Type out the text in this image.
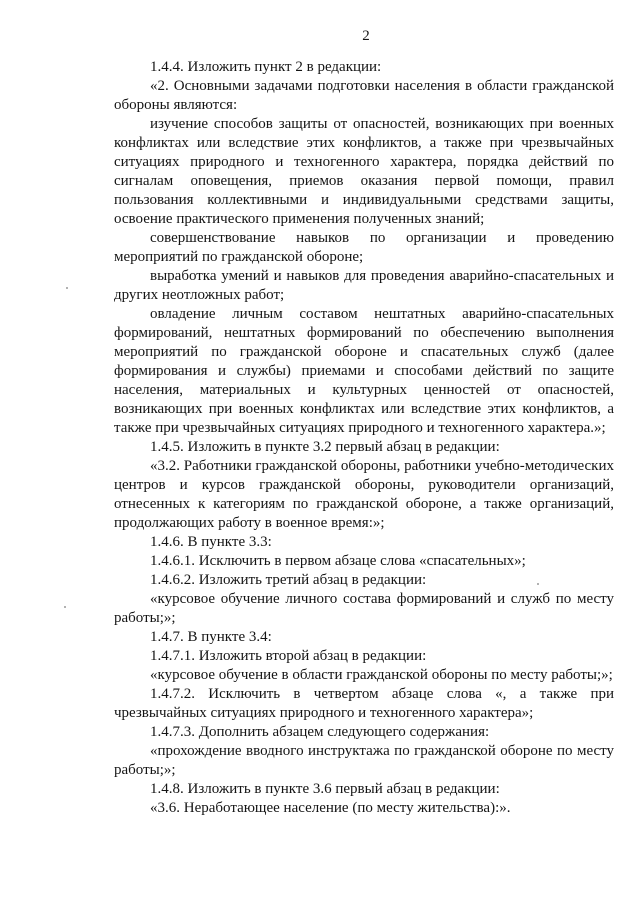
2

1.4.4. Изложить пункт 2 в редакции:

«2. Основными задачами подготовки населения в области гражданской обороны являются:

изучение способов защиты от опасностей, возникающих при военных конфликтах или вследствие этих конфликтов, а также при чрезвычайных ситуациях природного и техногенного характера, порядка действий по сигналам оповещения, приемов оказания первой помощи, правил пользования коллективными и индивидуальными средствами защиты, освоение практического применения полученных знаний;

совершенствование навыков по организации и проведению мероприятий по гражданской обороне;

выработка умений и навыков для проведения аварийно-спасательных и других неотложных работ;

овладение личным составом нештатных аварийно-спасательных формирований, нештатных формирований по обеспечению выполнения мероприятий по гражданской обороне и спасательных служб (далее формирования и службы) приемами и способами действий по защите населения, материальных и культурных ценностей от опасностей, возникающих при военных конфликтах или вследствие этих конфликтов, а также при чрезвычайных ситуациях природного и техногенного характера.»;

1.4.5. Изложить в пункте 3.2 первый абзац в редакции:

«3.2. Работники гражданской обороны, работники учебно-методических центров и курсов гражданской обороны, руководители организаций, отнесенных к категориям по гражданской обороне, а также организаций, продолжающих работу в военное время:»;

1.4.6. В пункте 3.3:

1.4.6.1. Исключить в первом абзаце слова «спасательных»;

1.4.6.2. Изложить третий абзац в редакции:

«курсовое обучение личного состава формирований и служб по месту работы;»;

1.4.7. В пункте 3.4:

1.4.7.1. Изложить второй абзац в редакции:

«курсовое обучение в области гражданской обороны по месту работы;»;

1.4.7.2. Исключить в четвертом абзаце слова «, а также при чрезвычайных ситуациях природного и техногенного характера»;

1.4.7.3. Дополнить абзацем следующего содержания:

«прохождение вводного инструктажа по гражданской обороне по месту работы;»;

1.4.8. Изложить в пункте 3.6 первый абзац в редакции:

«3.6. Неработающее население (по месту жительства):».
